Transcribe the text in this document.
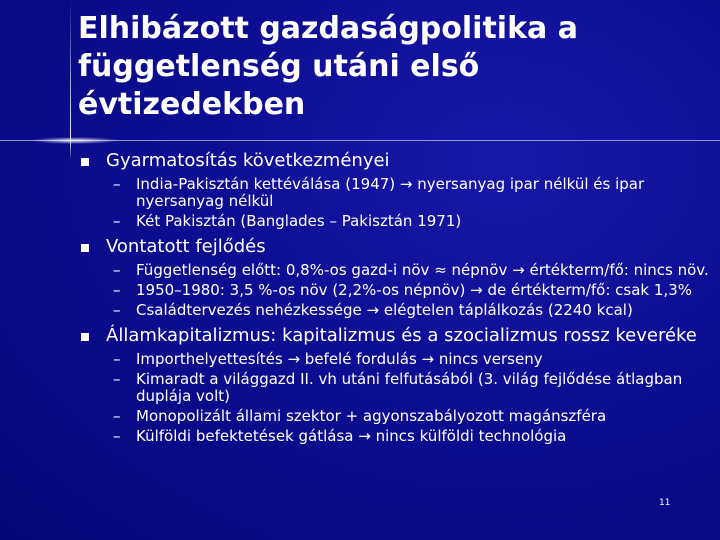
Elhibázott gazdaságpolitika a
függetlenség utáni első
évtizedekben
Gyarmatosítás következményei
– India-Pakisztán kettéválása (1947) → nyersanyag ipar nélkül és ipar nyersanyag nélkül
– Két Pakisztán (Banglades – Pakisztán 1971)
Vontatott fejlődés
– Függetlenség előtt: 0,8%-os gazd-i növ ≈ népnöv → értékterm/fő: nincs növ.
– 1950–1980: 3,5 %-os növ (2,2%-os népnöv) → de értékterm/fő: csak 1,3%
– Családtervezés nehézkessége → elégtelen táplálkozás (2240 kcal)
Államkapitalizmus: kapitalizmus és a szocializmus rossz keveréke
– Importhelyettesítés → befelé fordulás → nincs verseny
– Kimaradt a világgazd II. vh utáni felfutásából (3. világ fejlődése átlagban duplája volt)
– Monopolizált állami szektor + agyonszabályozott magánszféra
– Külföldi befektetések gátlása → nincs külföldi technológia
11
